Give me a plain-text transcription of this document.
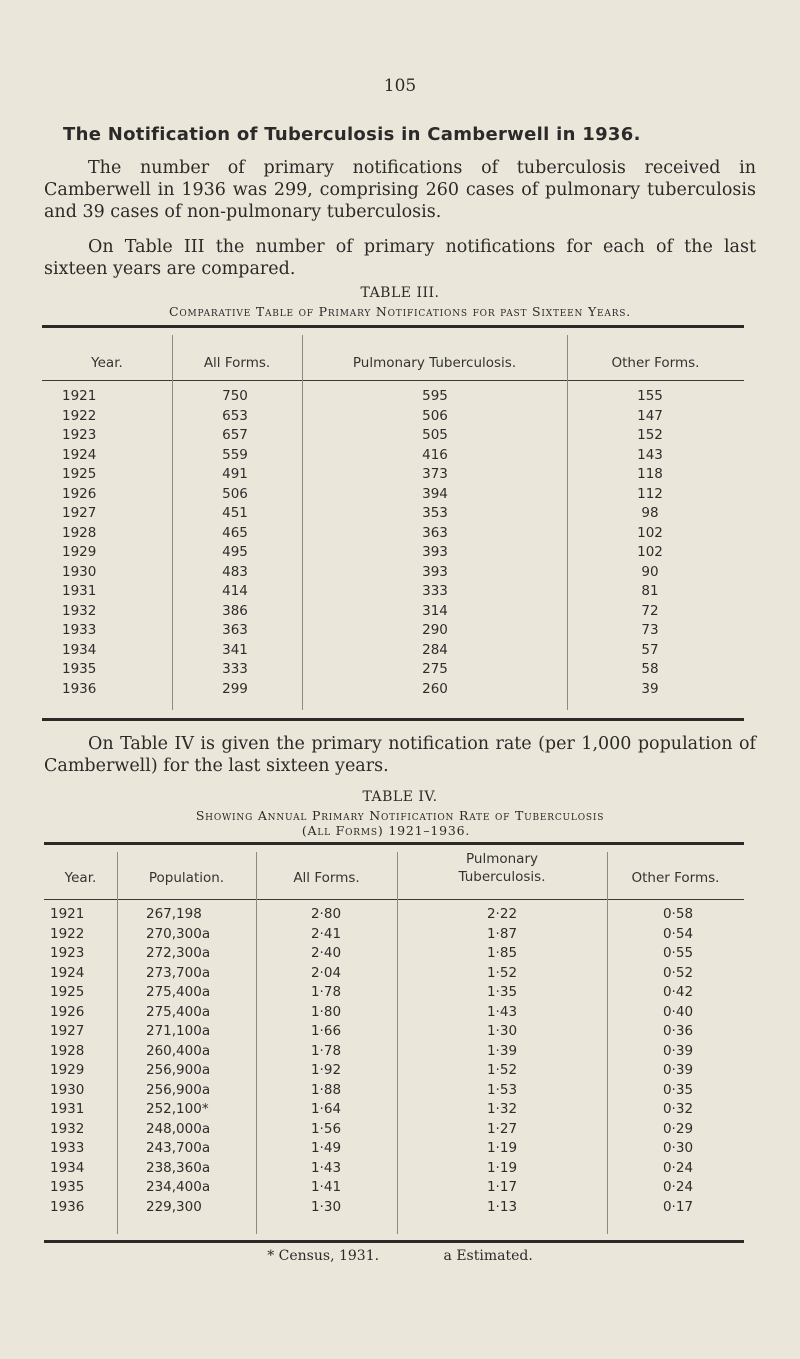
105
The Notification of Tuberculosis in Camberwell in 1936.
The number of primary notifications of tuberculosis received in Camberwell in 1936 was 299, comprising 260 cases of pulmonary tuberculosis and 39 cases of non-pulmonary tuberculosis.
On Table III the number of primary notifications for each of the last sixteen years are compared.
TABLE III.
Comparative Table of Primary Notifications for past Sixteen Years.
Year.	All Forms.	Pulmonary Tuberculosis.	Other Forms.
1921	750	595	155
1922	653	506	147
1923	657	505	152
1924	559	416	143
1925	491	373	118
1926	506	394	112
1927	451	353	98
1928	465	363	102
1929	495	393	102
1930	483	393	90
1931	414	333	81
1932	386	314	72
1933	363	290	73
1934	341	284	57
1935	333	275	58
1936	299	260	39
On Table IV is given the primary notification rate (per 1,000 population of Camberwell) for the last sixteen years.
TABLE IV.
Showing Annual Primary Notification Rate of Tuberculosis
(All Forms) 1921–1936.
Year.	Population.	All Forms.
Pulmonary
Tuberculosis.	Other Forms.
1921	267,198	2·80	2·22	0·58
1922	270,300a	2·41	1·87	0·54
1923	272,300a	2·40	1·85	0·55
1924	273,700a	2·04	1·52	0·52
1925	275,400a	1·78	1·35	0·42
1926	275,400a	1·80	1·43	0·40
1927	271,100a	1·66	1·30	0·36
1928	260,400a	1·78	1·39	0·39
1929	256,900a	1·92	1·52	0·39
1930	256,900a	1·88	1·53	0·35
1931	252,100*	1·64	1·32	0·32
1932	248,000a	1·56	1·27	0·29
1933	243,700a	1·49	1·19	0·30
1934	238,360a	1·43	1·19	0·24
1935	234,400a	1·41	1·17	0·24
1936	229,300	1·30	1·13	0·17
* Census, 1931.	a Estimated.
